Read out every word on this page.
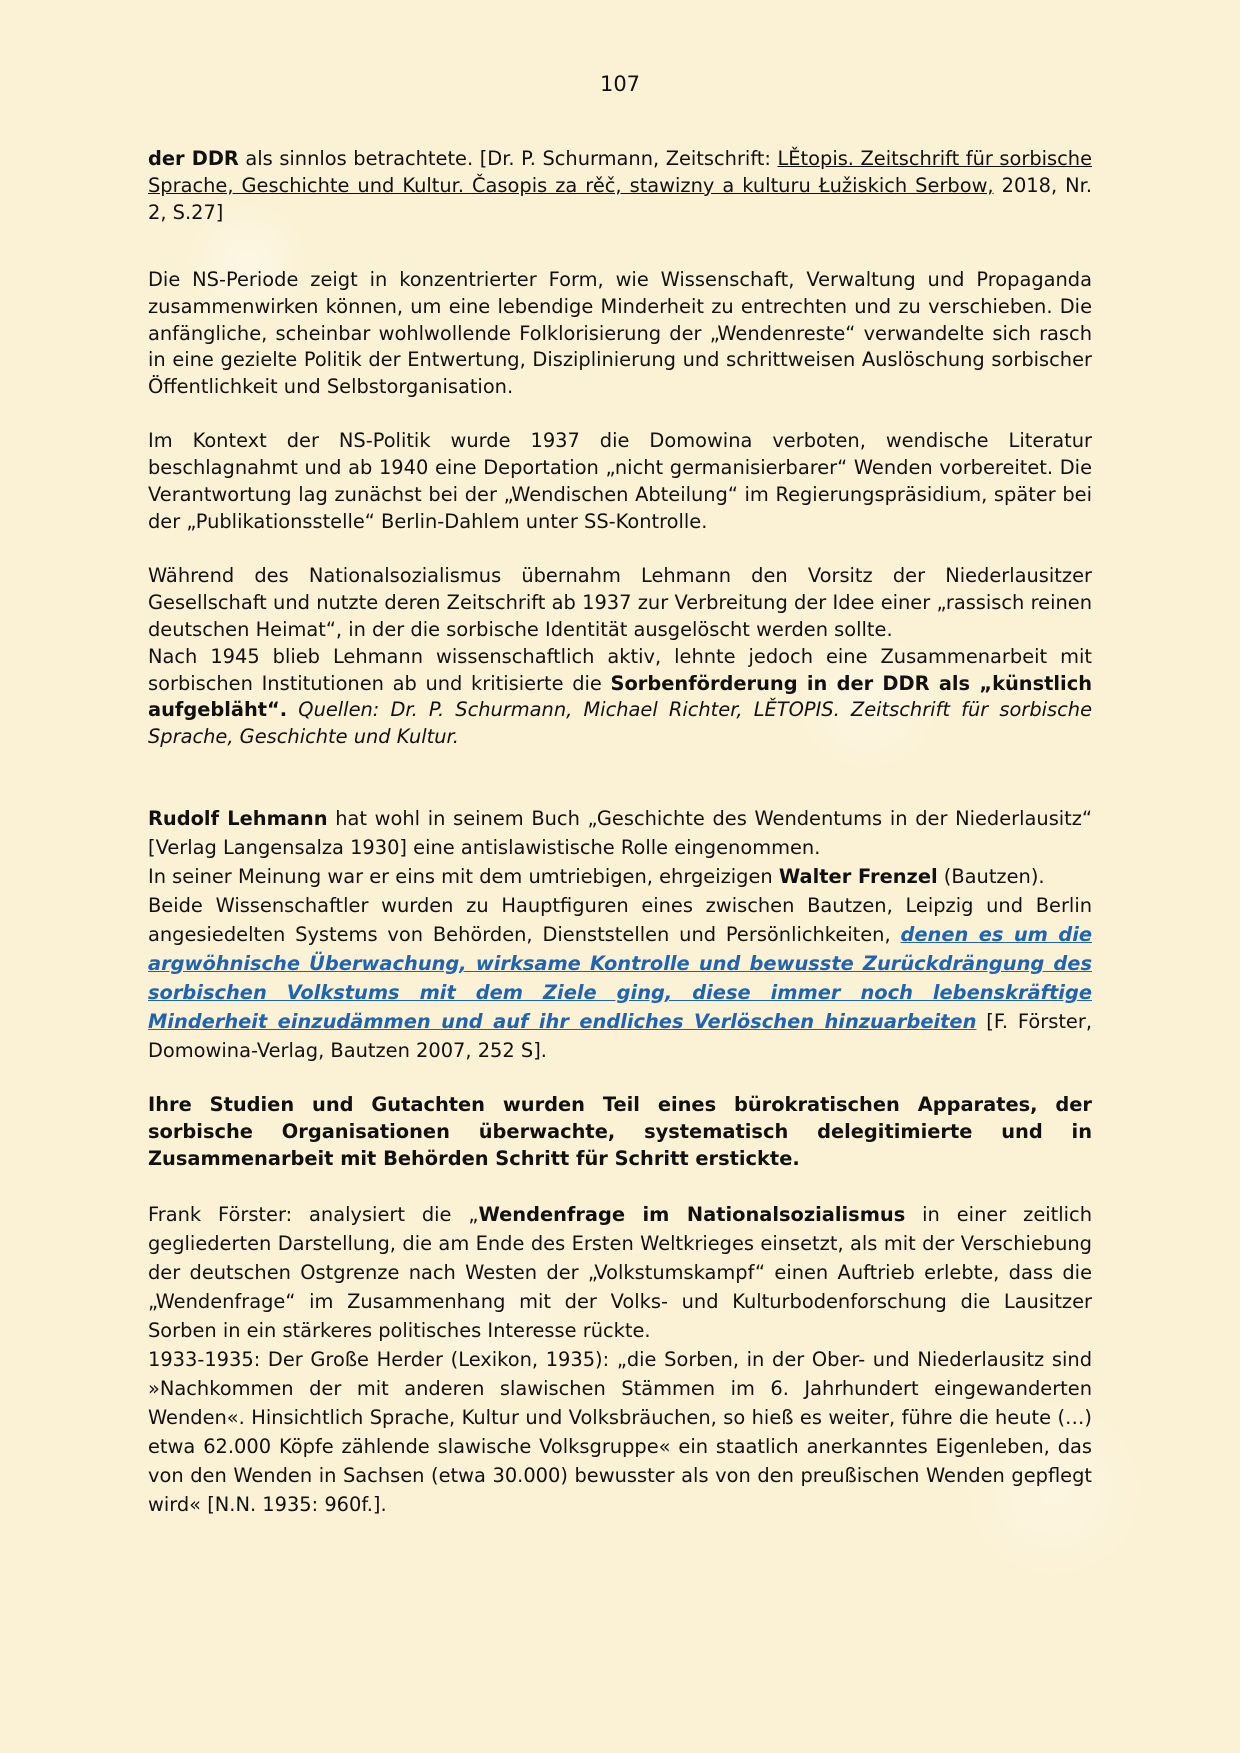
107

der DDR als sinnlos betrachtete. [Dr. P. Schurmann, Zeitschrift: LĚtopis. Zeitschrift für sorbische Sprache, Geschichte und Kultur. Časopis za rěč, stawizny a kulturu Łužiskich Serbow, 2018, Nr. 2, S.27]

Die NS-Periode zeigt in konzentrierter Form, wie Wissenschaft, Verwaltung und Propaganda zusammenwirken können, um eine lebendige Minderheit zu entrechten und zu verschieben. Die anfängliche, scheinbar wohlwollende Folklorisierung der „Wendenreste“ verwandelte sich rasch in eine gezielte Politik der Entwertung, Disziplinierung und schrittweisen Auslöschung sorbischer Öffentlichkeit und Selbstorganisation.

Im Kontext der NS-Politik wurde 1937 die Domowina verboten, wendische Literatur beschlagnahmt und ab 1940 eine Deportation „nicht germanisierbarer“ Wenden vorbereitet. Die Verantwortung lag zunächst bei der „Wendischen Abteilung“ im Regierungspräsidium, später bei der „Publikationsstelle“ Berlin-Dahlem unter SS-Kontrolle.

Während des Nationalsozialismus übernahm Lehmann den Vorsitz der Niederlausitzer Gesellschaft und nutzte deren Zeitschrift ab 1937 zur Verbreitung der Idee einer „rassisch reinen deutschen Heimat“, in der die sorbische Identität ausgelöscht werden sollte.

Nach 1945 blieb Lehmann wissenschaftlich aktiv, lehnte jedoch eine Zusammenarbeit mit sorbischen Institutionen ab und kritisierte die Sorbenförderung in der DDR als „künstlich aufgebläht“. Quellen: Dr. P. Schurmann, Michael Richter, LĚTOPIS. Zeitschrift für sorbische Sprache, Geschichte und Kultur.

Rudolf Lehmann hat wohl in seinem Buch „Geschichte des Wendentums in der Niederlausitz“ [Verlag Langensalza 1930] eine antislawistische Rolle eingenommen.

In seiner Meinung war er eins mit dem umtriebigen, ehrgeizigen Walter Frenzel (Bautzen).

Beide Wissenschaftler wurden zu Hauptfiguren eines zwischen Bautzen, Leipzig und Berlin angesiedelten Systems von Behörden, Dienststellen und Persönlichkeiten, denen es um die argwöhnische Überwachung, wirksame Kontrolle und bewusste Zurückdrängung des sorbischen Volkstums mit dem Ziele ging, diese immer noch lebenskräftige Minderheit einzudämmen und auf ihr endliches Verlöschen hinzuarbeiten [F. Förster, Domowina-Verlag, Bautzen 2007, 252 S].

Ihre Studien und Gutachten wurden Teil eines bürokratischen Apparates, der sorbische Organisationen überwachte, systematisch delegitimierte und in Zusammenarbeit mit Behörden Schritt für Schritt erstickte.

Frank Förster: analysiert die „Wendenfrage im Nationalsozialismus in einer zeitlich gegliederten Darstellung, die am Ende des Ersten Weltkrieges einsetzt, als mit der Verschiebung der deutschen Ostgrenze nach Westen der „Volkstumskampf“ einen Auftrieb erlebte, dass die „Wendenfrage“ im Zusammenhang mit der Volks- und Kulturbodenforschung die Lausitzer Sorben in ein stärkeres politisches Interesse rückte.

1933-1935: Der Große Herder (Lexikon, 1935): „die Sorben, in der Ober- und Niederlausitz sind »Nachkommen der mit anderen slawischen Stämmen im 6. Jahrhundert eingewanderten Wenden«. Hinsichtlich Sprache, Kultur und Volksbräuchen, so hieß es weiter, führe die heute (…) etwa 62.000 Köpfe zählende slawische Volksgruppe« ein staatlich anerkanntes Eigenleben, das von den Wenden in Sachsen (etwa 30.000) bewusster als von den preußischen Wenden gepflegt wird« [N.N. 1935: 960f.].
